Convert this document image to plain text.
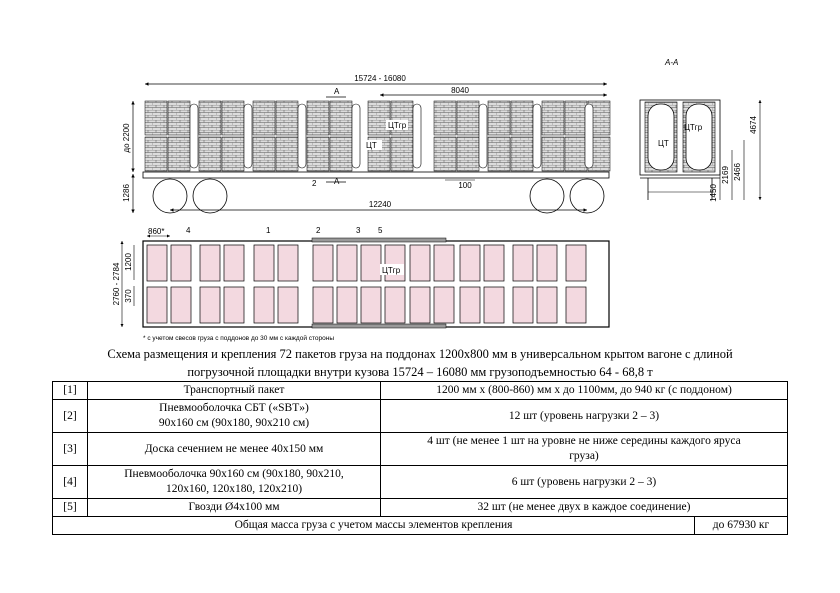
15724 - 16080
8040
12240
100
до 2200
1286
А
А
2
ЦТгр
ЦТ
А-А
ЦТ
ЦТгр	4674
2466
2169
1450
860*	4	1	2	3 5
2760 - 2784
1200
370
ЦТгр
* с учетом свесов груза с поддонов до 30 мм с каждой стороны
Схема размещения и крепления 72 пакетов груза на поддонах 1200х800 мм в универсальном крытом вагоне с длиной
погрузочной площадки внутри кузова 15724 – 16080 мм грузоподъемностью 64 - 68,8 т
[1]	Транспортный пакет	1200 мм х (800-860) мм х до 1100мм, до 940 кг (с поддоном)	

[2]	Пневмооболочка СБТ («SBT»)
90х160 см (90х180, 90х210 см)	12 шт (уровень нагрузки 2 – 3)	

[3]	Доска сечением не менее 40х150 мм	4 шт (не менее 1 шт на уровне не ниже середины каждого яруса
груза)	

[4]	Пневмооболочка 90х160 см (90х180, 90х210,
120х160, 120х180, 120х210)	6 шт (уровень нагрузки 2 – 3)	

[5]	Гвозди Ø4х100 мм	32 шт (не менее двух в каждое соединение)	

Общая масса груза с учетом массы элементов крепления			до 67930 кг
